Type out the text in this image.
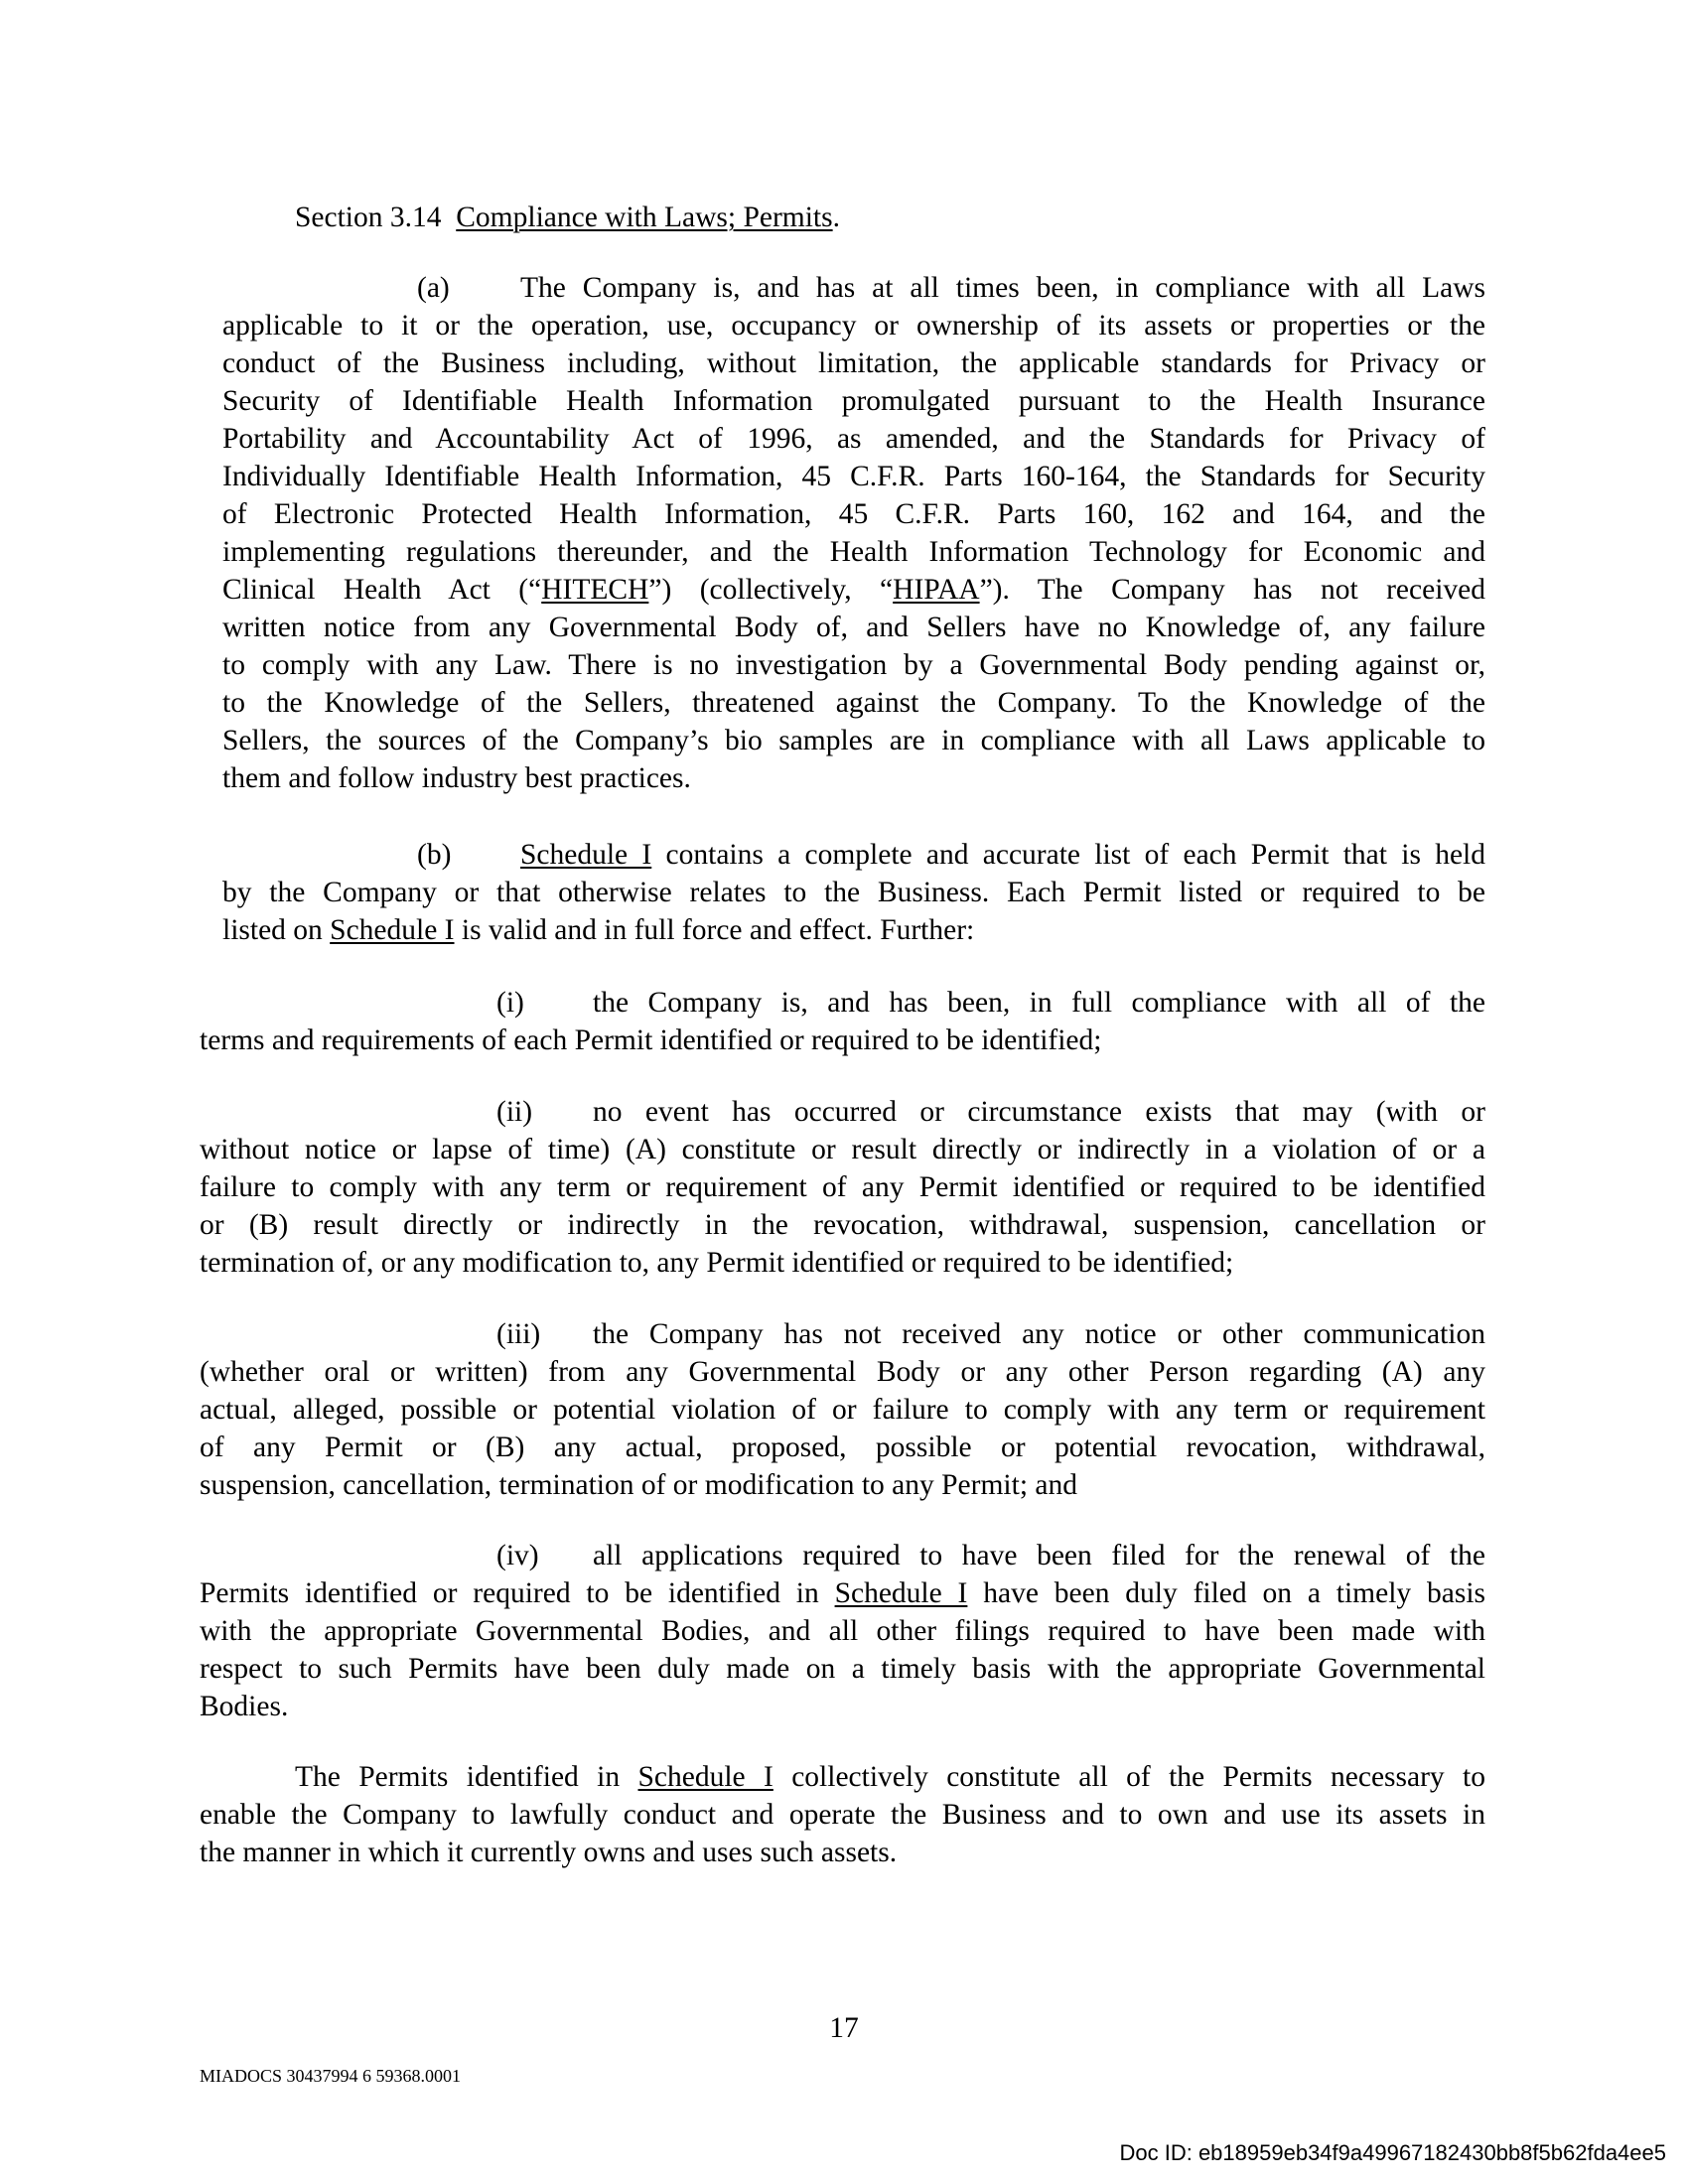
Section 3.14 Compliance with Laws; Permits.
(a)	The Company is, and has at all times been, in compliance with all Laws
applicable to it or the operation, use, occupancy or ownership of its assets or properties or the
conduct of the Business including, without limitation, the applicable standards for Privacy or
Security of Identifiable Health Information promulgated pursuant to the Health Insurance
Portability and Accountability Act of 1996, as amended, and the Standards for Privacy of
Individually Identifiable Health Information, 45 C.F.R. Parts 160-164, the Standards for Security
of Electronic Protected Health Information, 45 C.F.R. Parts 160, 162 and 164, and the
implementing regulations thereunder, and the Health Information Technology for Economic and
Clinical Health Act (“HITECH”) (collectively, “HIPAA”). The Company has not received
written notice from any Governmental Body of, and Sellers have no Knowledge of, any failure
to comply with any Law. There is no investigation by a Governmental Body pending against or,
to the Knowledge of the Sellers, threatened against the Company. To the Knowledge of the
Sellers, the sources of the Company’s bio samples are in compliance with all Laws applicable to
them and follow industry best practices.
(b)	Schedule I contains a complete and accurate list of each Permit that is held
by the Company or that otherwise relates to the Business. Each Permit listed or required to be
listed on Schedule I is valid and in full force and effect. Further:
(i)	the Company is, and has been, in full compliance with all of the
terms and requirements of each Permit identified or required to be identified;
(ii)	no event has occurred or circumstance exists that may (with or
without notice or lapse of time) (A) constitute or result directly or indirectly in a violation of or a
failure to comply with any term or requirement of any Permit identified or required to be identified
or (B) result directly or indirectly in the revocation, withdrawal, suspension, cancellation or
termination of, or any modification to, any Permit identified or required to be identified;
(iii)	the Company has not received any notice or other communication
(whether oral or written) from any Governmental Body or any other Person regarding (A) any
actual, alleged, possible or potential violation of or failure to comply with any term or requirement
of any Permit or (B) any actual, proposed, possible or potential revocation, withdrawal,
suspension, cancellation, termination of or modification to any Permit; and
(iv)	all applications required to have been filed for the renewal of the
Permits identified or required to be identified in Schedule I have been duly filed on a timely basis
with the appropriate Governmental Bodies, and all other filings required to have been made with
respect to such Permits have been duly made on a timely basis with the appropriate Governmental
Bodies.
The Permits identified in Schedule I collectively constitute all of the Permits necessary to
enable the Company to lawfully conduct and operate the Business and to own and use its assets in
the manner in which it currently owns and uses such assets.
17
MIADOCS 30437994 6 59368.0001
Doc ID: eb18959eb34f9a49967182430bb8f5b62fda4ee5
